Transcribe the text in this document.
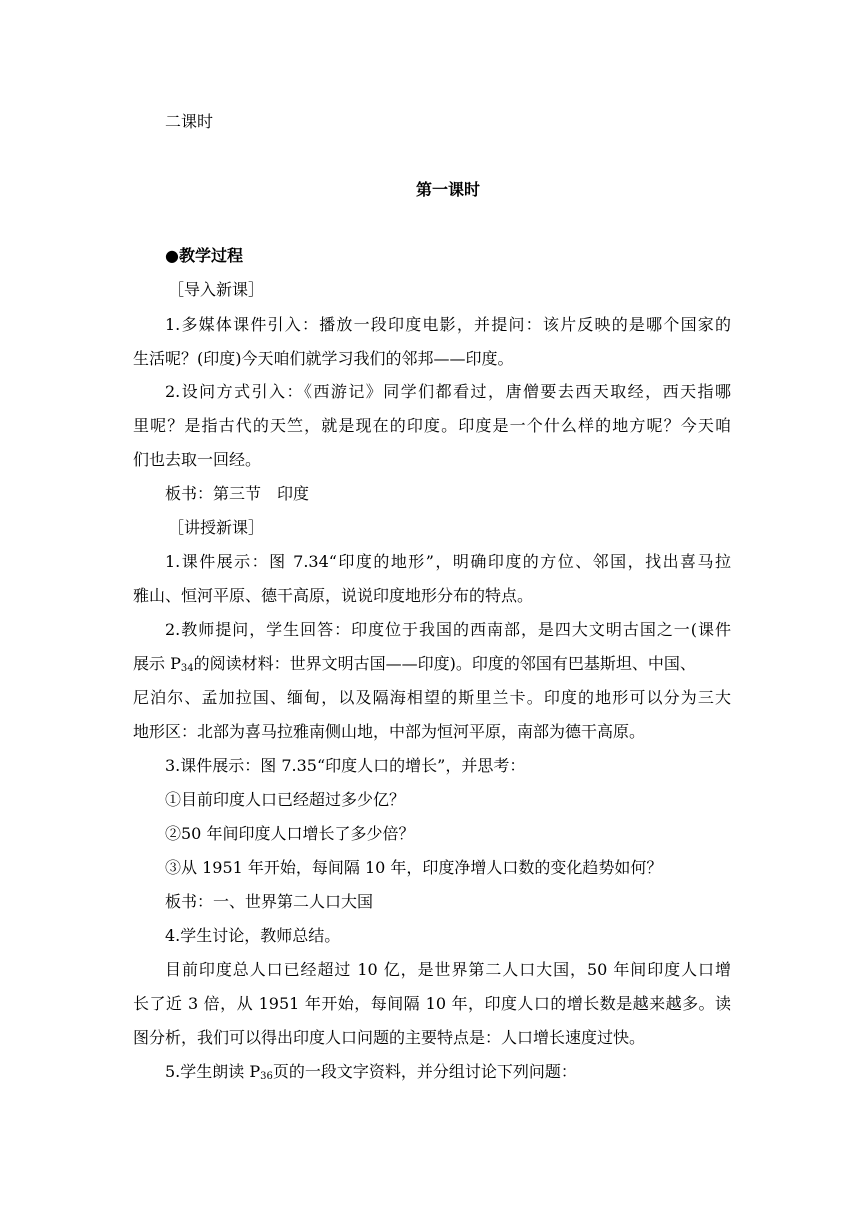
二课时
第一课时
●教学过程
［导入新课］
1.多媒体课件引入：播放一段印度电影，并提问：该片反映的是哪个国家的
生活呢？(印度)今天咱们就学习我们的邻邦——印度。
2.设问方式引入：《西游记》同学们都看过，唐僧要去西天取经，西天指哪
里呢？是指古代的天竺，就是现在的印度。印度是一个什么样的地方呢？今天咱
们也去取一回经。
板书：第三节　印度
［讲授新课］
1.课件展示：图 7.34“印度的地形”，明确印度的方位、邻国，找出喜马拉
雅山、恒河平原、德干高原，说说印度地形分布的特点。
2.教师提问，学生回答：印度位于我国的西南部，是四大文明古国之一(课件
展示 $P_{34}$的阅读材料：世界文明古国——印度)。印度的邻国有巴基斯坦、中国、
尼泊尔、孟加拉国、缅甸，以及隔海相望的斯里兰卡。印度的地形可以分为三大
地形区：北部为喜马拉雅南侧山地，中部为恒河平原，南部为德干高原。
3.课件展示：图 7.35“印度人口的增长”，并思考：
①目前印度人口已经超过多少亿？
②50 年间印度人口增长了多少倍？
③从 1951 年开始，每间隔 10 年，印度净增人口数的变化趋势如何？
板书：一、世界第二人口大国
4.学生讨论，教师总结。
目前印度总人口已经超过 10 亿，是世界第二人口大国，50 年间印度人口增
长了近 3 倍，从 1951 年开始，每间隔 10 年，印度人口的增长数是越来越多。读
图分析，我们可以得出印度人口问题的主要特点是：人口增长速度过快。
5.学生朗读 $P_{36}$页的一段文字资料，并分组讨论下列问题：
